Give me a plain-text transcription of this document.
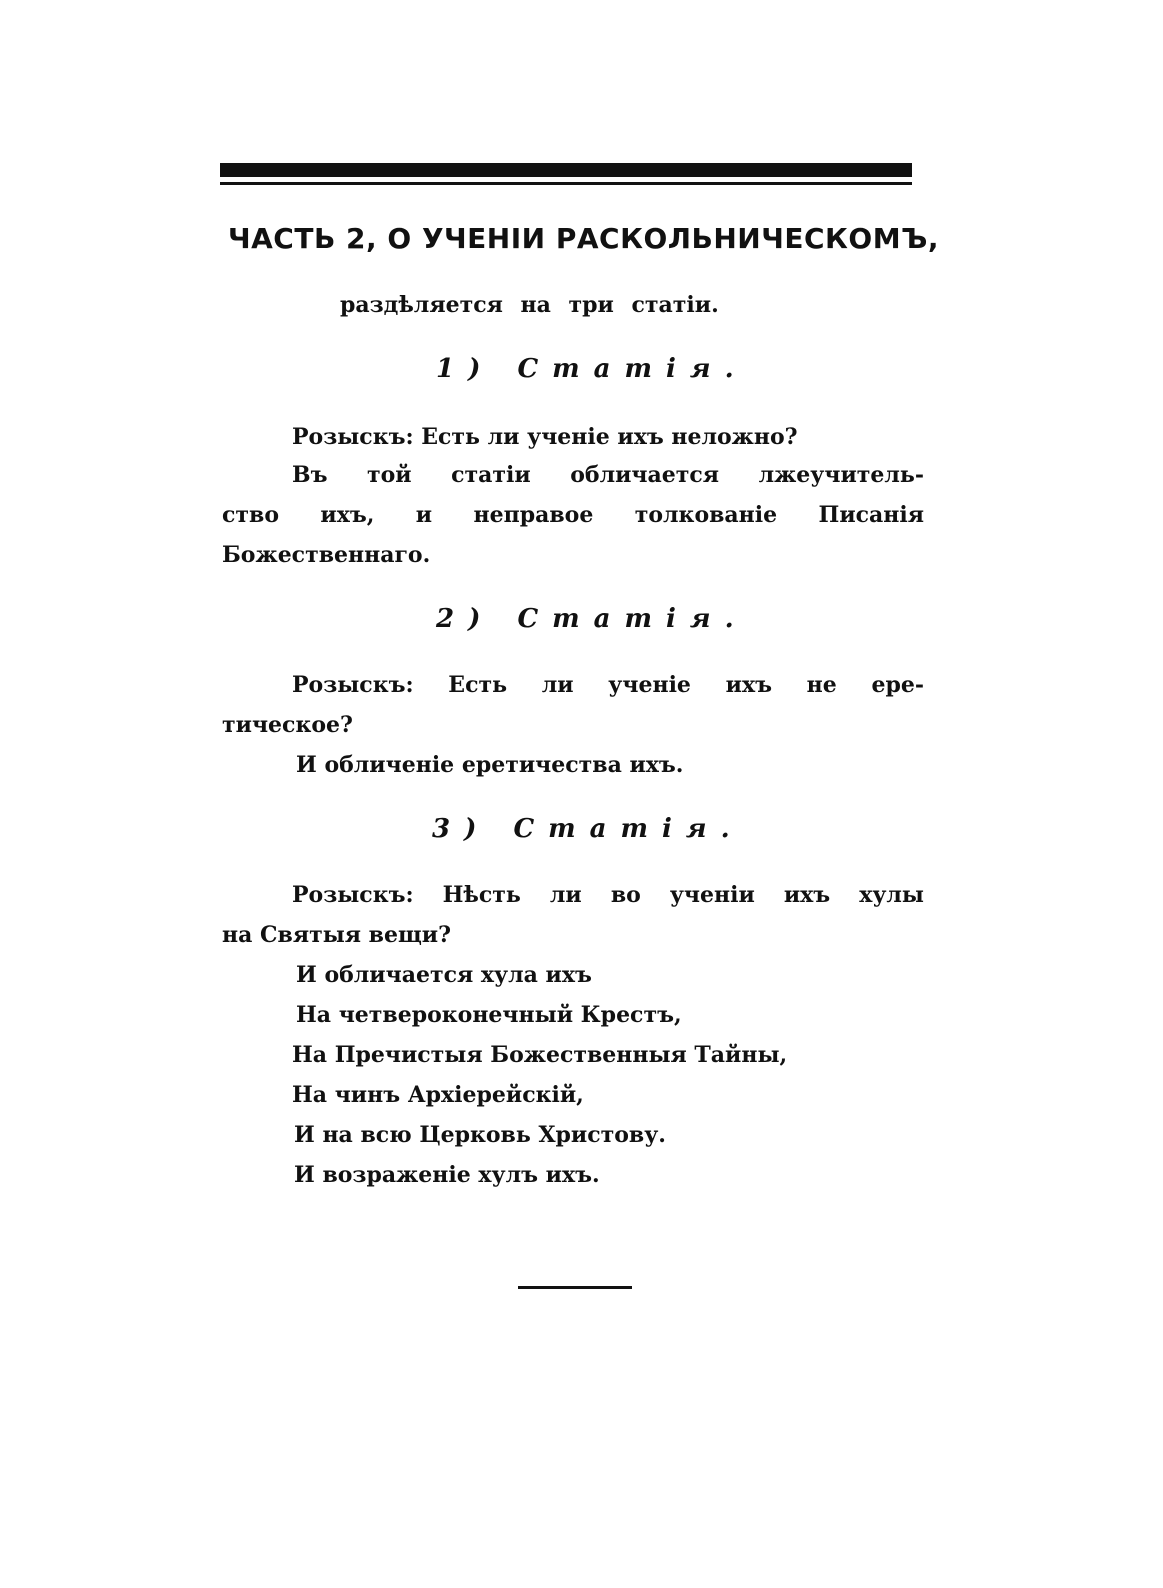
ЧАСТЬ 2, О УЧЕНIИ РАСКОЛЬНИЧЕСКОМЪ,
раздѣляется на три статiи.
1) Статiя.
Розыскъ: Есть ли ученiе ихъ неложно?
Въ той статiи обличается лжеучитель-
ство ихъ, и неправое толкованiе Писанiя
Божественнаго.
2) Статiя.
Розыскъ: Есть ли ученiе ихъ не ере-
тическое?
И обличенiе еретичества ихъ.
3) Статiя.
Розыскъ: Нѣсть ли во ученiи ихъ хулы
на Святыя вещи?
И обличается хула ихъ
На четвероконечный Крестъ,
На Пречистыя Божественныя Тайны,
На чинъ Архiерейскiй,
И на всю Церковь Христову.
И возраженiе хулъ ихъ.
